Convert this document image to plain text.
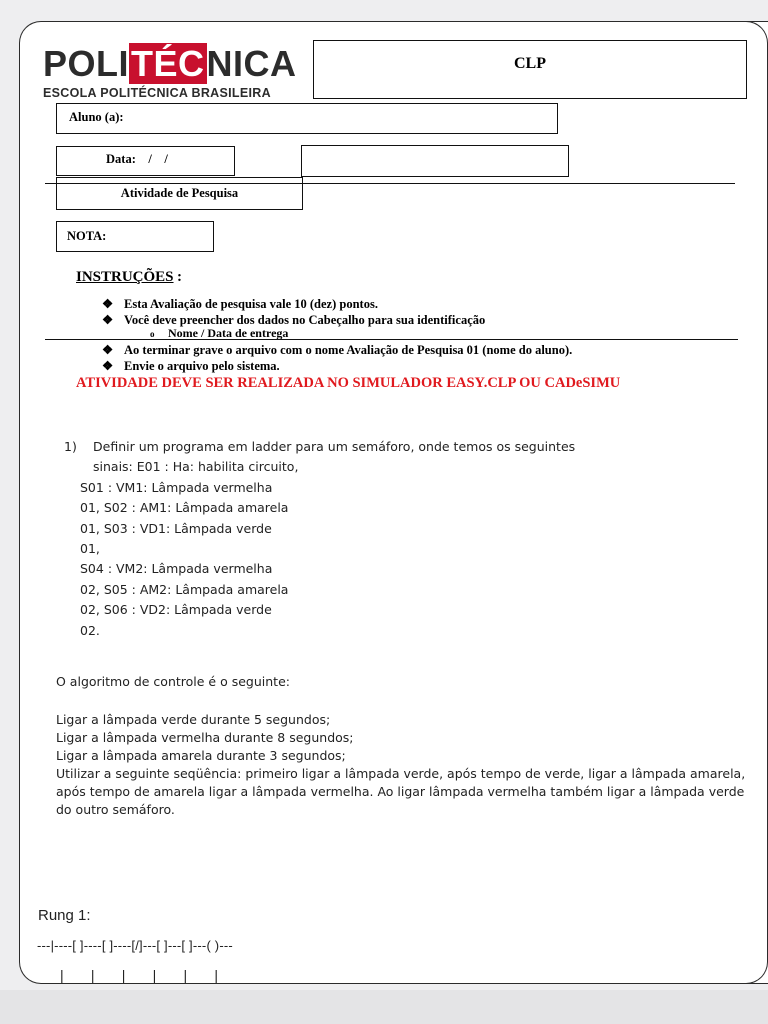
POLITÉCNICA
ESCOLA POLITÉCNICA BRASILEIRA
CLP
Aluno (a):
Data:    /    /
Atividade de Pesquisa
NOTA:
INSTRUÇÕES :
❖ Esta Avaliação de pesquisa vale 10 (dez) pontos.
❖ Você deve preencher dos dados no Cabeçalho para sua identificação
o Nome / Data de entrega
❖ Ao terminar grave o arquivo com o nome Avaliação de Pesquisa 01 (nome do aluno).
❖ Envie o arquivo pelo sistema.
ATIVIDADE DEVE SER REALIZADA NO SIMULADOR EASY.CLP OU CADeSIMU
1) Definir um programa em ladder para um semáforo, onde temos os seguintes
sinais: E01 : Ha: habilita circuito,
S01 : VM1: Lâmpada vermelha
01, S02 : AM1: Lâmpada amarela
01, S03 : VD1: Lâmpada verde
01,
S04 : VM2: Lâmpada vermelha
02, S05 : AM2: Lâmpada amarela
02, S06 : VD2: Lâmpada verde
02.
O algoritmo de controle é o seguinte:
Ligar a lâmpada verde durante 5 segundos;
Ligar a lâmpada vermelha durante 8 segundos;
Ligar a lâmpada amarela durante 3 segundos;
Utilizar a seguinte seqüência: primeiro ligar a lâmpada verde, após tempo de verde, ligar a lâmpada amarela, após tempo de amarela ligar a lâmpada vermelha. Ao ligar lâmpada vermelha também ligar a lâmpada verde do outro semáforo.
Rung 1:
---|----[ ]----[ ]----[/]---[ ]---[ ]---( )---
|       |       |       |       |       |
